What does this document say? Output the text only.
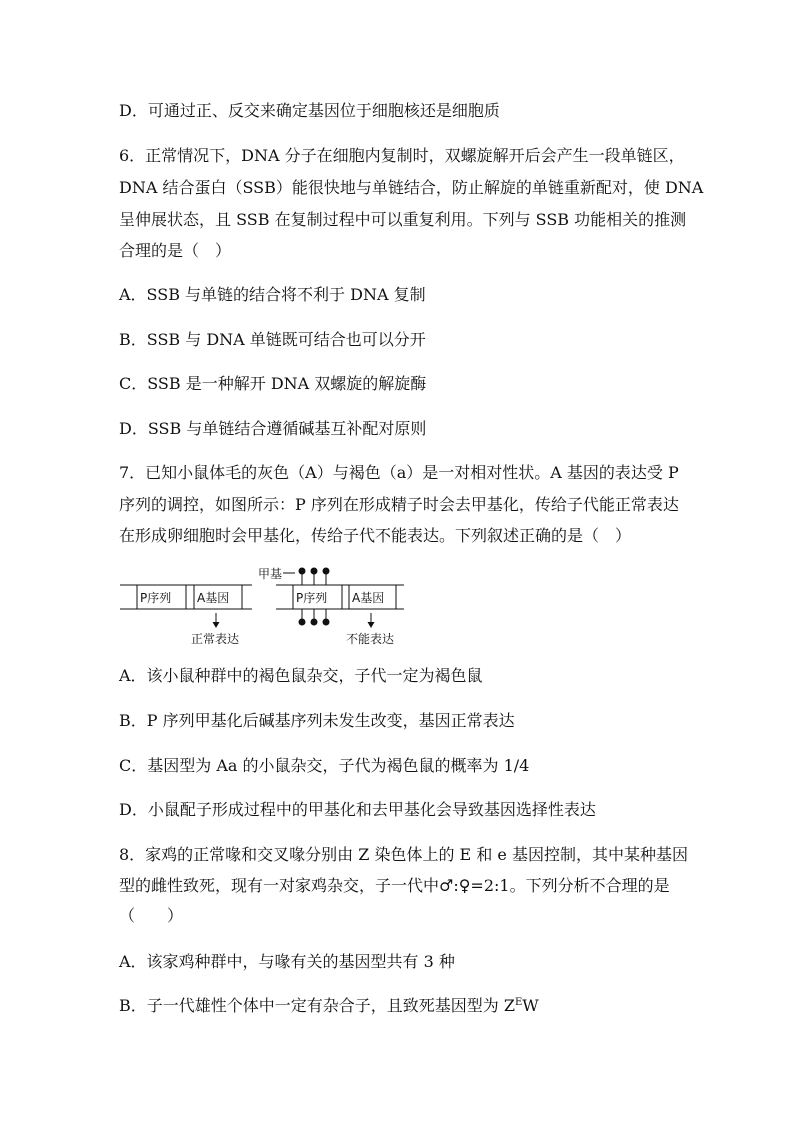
D．可通过正、反交来确定基因位于细胞核还是细胞质
6．正常情况下，DNA 分子在细胞内复制时，双螺旋解开后会产生一段单链区，
DNA 结合蛋白（SSB）能很快地与单链结合，防止解旋的单链重新配对，使 DNA
呈伸展状态，且 SSB 在复制过程中可以重复利用。下列与 SSB 功能相关的推测
合理的是（　）
A．SSB 与单链的结合将不利于 DNA 复制
B．SSB 与 DNA 单链既可结合也可以分开
C．SSB 是一种解开 DNA 双螺旋的解旋酶
D．SSB 与单链结合遵循碱基互补配对原则
7．已知小鼠体毛的灰色（A）与褐色（a）是一对相对性状。A 基因的表达受 P
序列的调控，如图所示：P 序列在形成精子时会去甲基化，传给子代能正常表达
在形成卵细胞时会甲基化，传给子代不能表达。下列叙述正确的是（　）
P序列 A基因
正常表达
甲基
P序列 A基因
不能表达
A．该小鼠种群中的褐色鼠杂交，子代一定为褐色鼠
B．P 序列甲基化后碱基序列未发生改变，基因正常表达
C．基因型为 Aa 的小鼠杂交，子代为褐色鼠的概率为 1/4
D．小鼠配子形成过程中的甲基化和去甲基化会导致基因选择性表达
8．家鸡的正常喙和交叉喙分别由 Z 染色体上的 E 和 e 基因控制，其中某种基因
型的雌性致死，现有一对家鸡杂交，子一代中♂:♀=2:1。下列分析不合理的是
（　　）
A．该家鸡种群中，与喙有关的基因型共有 3 种
B．子一代雄性个体中一定有杂合子，且致死基因型为 $Z^EW$
